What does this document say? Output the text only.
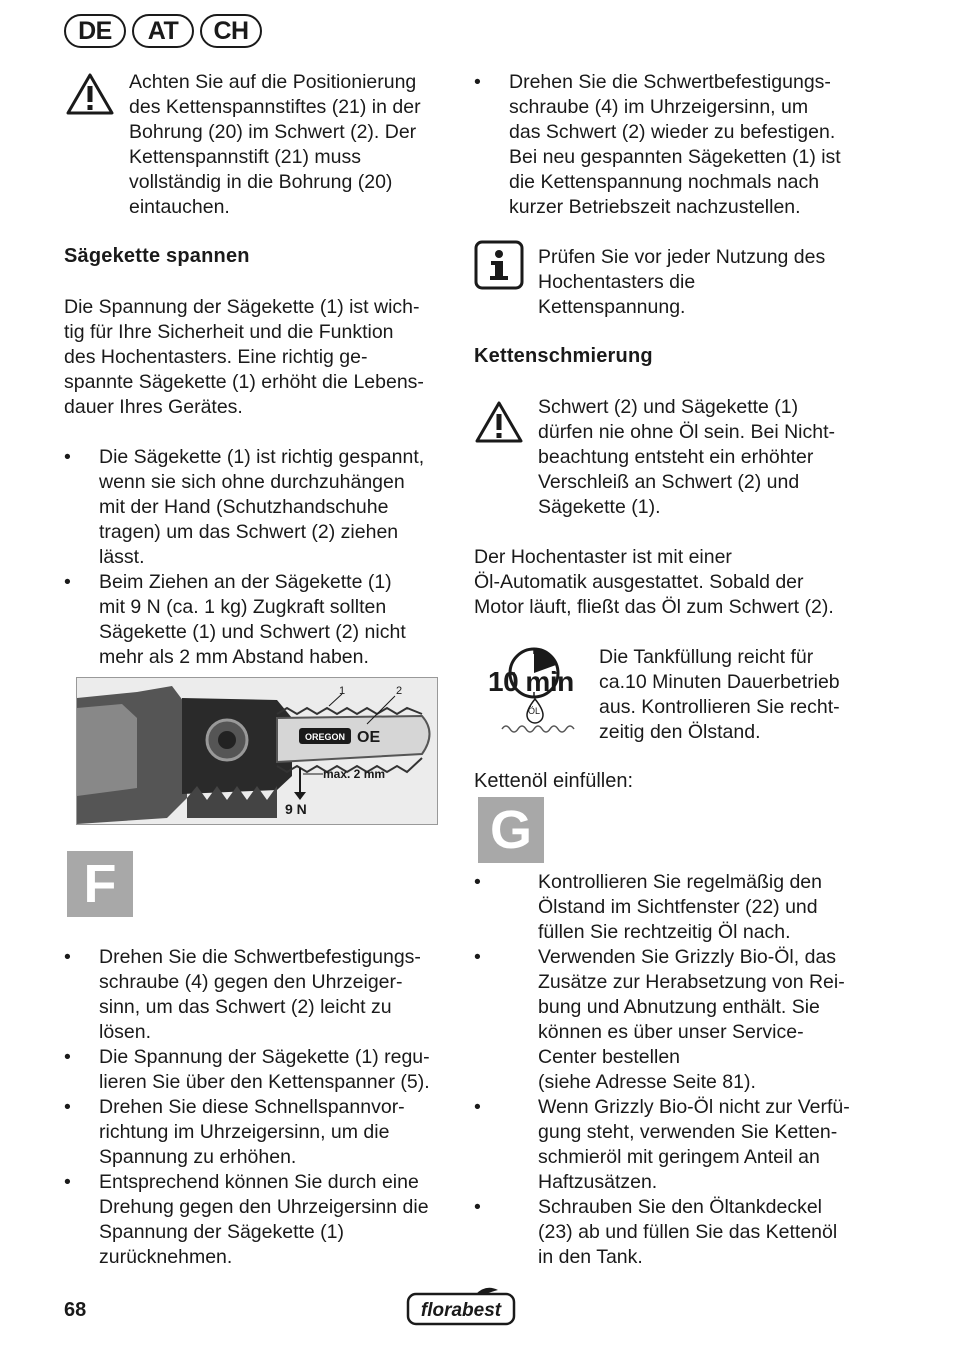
DE	AT	CH

Achten Sie auf die Positionierung

des Kettenspannstiftes (21) in der

Bohrung (20) im Schwert (2). Der

Kettenspannstift (21) muss

vollständig in die Bohrung (20)

eintauchen.

Sägekette spannen

Die Spannung der Sägekette (1) ist wich-

tig für Ihre Sicherheit und die Funktion

des Hochentasters. Eine richtig ge-

spannte Sägekette (1) erhöht die Lebens-

dauer Ihres Gerätes.

• Die Sägekette (1) ist richtig gespannt,

wenn sie sich ohne durchzuhängen

mit der Hand (Schutzhandschuhe

tragen) um das Schwert (2) ziehen

lässt.

• Beim Ziehen an der Sägekette (1)

mit 9 N (ca. 1 kg) Zugkraft sollten

Sägekette (1) und Schwert (2) nicht

mehr als 2 mm Abstand haben.

OREGON OE
1	2
max. 2 mm
9 N
F

• Drehen Sie die Schwertbefestigungs-

schraube (4) gegen den Uhrzeiger-

sinn, um das Schwert (2) leicht zu

lösen.

• Die Spannung der Sägekette (1) regu-

lieren Sie über den Kettenspanner (5).

• Drehen Sie diese Schnellspannvor-

richtung im Uhrzeigersinn, um die

Spannung zu erhöhen.

• Entsprechend können Sie durch eine

Drehung gegen den Uhrzeigersinn die

Spannung der Sägekette (1)

zurücknehmen.

• Drehen Sie die Schwertbefestigungs-

schraube (4) im Uhrzeigersinn, um

das Schwert (2) wieder zu befestigen.

Bei neu gespannten Sägeketten (1) ist

die Kettenspannung nochmals nach

kurzer Betriebszeit nachzustellen.

Prüfen Sie vor jeder Nutzung des

Hochentasters die

Kettenspannung.

Kettenschmierung

Schwert (2) und Sägekette (1)

dürfen nie ohne Öl sein. Bei Nicht-

beachtung entsteht ein erhöhter

Verschleiß an Schwert (2) und

Sägekette (1).

Der Hochentaster ist mit einer

Öl-Automatik ausgestattet. Sobald der

Motor läuft, fließt das Öl zum Schwert (2).

10 min
ÖL

Die Tankfüllung reicht für

ca.10 Minuten Dauerbetrieb

aus. Kontrollieren Sie recht-

zeitig den Ölstand.

Kettenöl einfüllen:
G

• Kontrollieren Sie regelmäßig den

Ölstand im Sichtfenster (22) und

füllen Sie rechtzeitig Öl nach.

• Verwenden Sie Grizzly Bio-Öl, das

Zusätze zur Herabsetzung von Rei-

bung und Abnutzung enthält. Sie

können es über unser Service-

Center bestellen

(siehe Adresse Seite 81).

• Wenn Grizzly Bio-Öl nicht zur Verfü-

gung steht, verwenden Sie Ketten-

schmieröl mit geringem Anteil an

Haftzusätzen.

• Schrauben Sie den Öltankdeckel

(23) ab und füllen Sie das Kettenöl

in den Tank.

68	florabest
